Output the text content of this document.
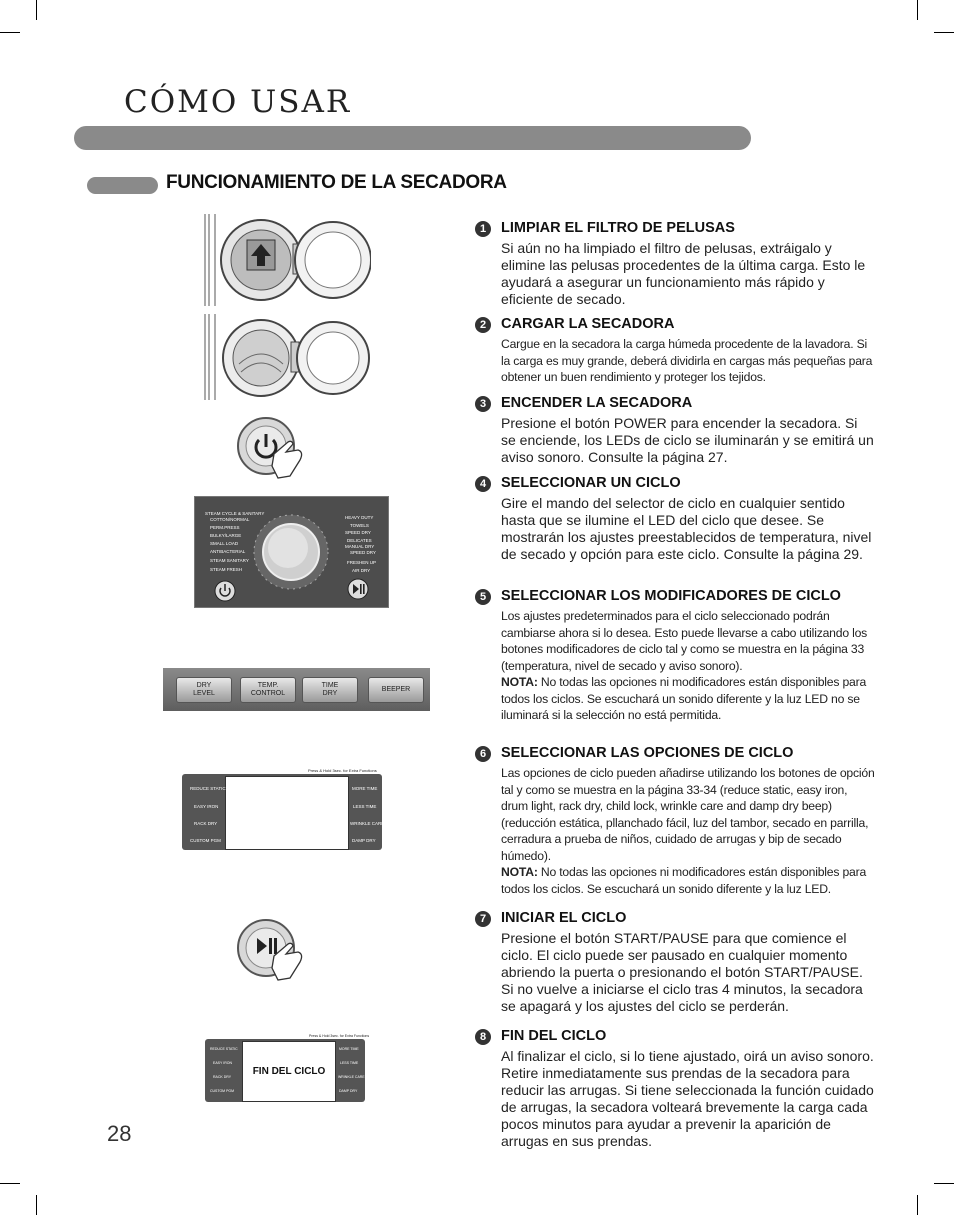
CÓMO USAR
FUNCIONAMIENTO DE LA SECADORA
STEAM CYCLE & SANITARY
COTTON/NORMAL
PERM.PRESS
BULKY/LARGE
SMALL LOAD
ANTIBACTERIAL
STEAM SANITARY
STEAM FRESH
HEAVY DUTY
TOWELS
SPEED DRY
DELICATES
MANUAL DRY
SPEED DRY
FRESHEN UP
AIR DRY
DRY
LEVEL
TEMP.
CONTROL
TIME
DRY
BEEPER
Press & Hold 3sec. for Extra Functions
REDUCE STATIC
EASY IRON
RACK DRY
CUSTOM PGM
MORE TIME
LESS TIME
WRINKLE CARE
DAMP DRY
Press & Hold 3sec. for Extra Functions
FIN DEL CICLO
REDUCE STATIC
EASY IRON
RACK DRY
CUSTOM PGM
MORE TIME
LESS TIME
WRINKLE CARE
DAMP DRY
1	LIMPIAR EL FILTRO DE PELUSAS

Si aún no ha limpiado el filtro de pelusas, extráigalo y elimine las pelusas procedentes de la última carga. Esto le ayudará a asegurar un funcionamiento más rápido y eficiente de secado.

2	CARGAR LA SECADORA

Cargue en la secadora la carga húmeda procedente de la lavadora. Si la carga es muy grande, deberá dividirla en cargas más pequeñas para obtener un buen rendimiento y proteger los tejidos.

3	ENCENDER LA SECADORA

Presione el botón POWER para encender la secadora. Si se enciende, los LEDs de ciclo se iluminarán y se emitirá un aviso sonoro. Consulte la página 27.

4	SELECCIONAR UN CICLO

Gire el mando del selector de ciclo en cualquier sentido hasta que se ilumine el LED del ciclo que desee. Se mostrarán los ajustes preestablecidos de temperatura, nivel de secado y opción para este ciclo. Consulte la página 29.

5	SELECCIONAR LOS MODIFICADORES DE CICLO

Los ajustes predeterminados para el ciclo seleccionado podrán cambiarse ahora si lo desea. Esto puede llevarse a cabo utilizando los botones modificadores de ciclo tal y como se muestra en la página 33 (temperatura, nivel de secado y aviso sonoro).

NOTA: No todas las opciones ni modificadores están disponibles para todos los ciclos. Se escuchará un sonido diferente y la luz LED no se iluminará si la selección no está permitida.

6	SELECCIONAR LAS OPCIONES DE CICLO

Las opciones de ciclo pueden añadirse utilizando los botones de opción tal y como se muestra en la página 33-34 (reduce static, easy iron, drum light, rack dry, child lock, wrinkle care and damp dry beep) (reducción estática, pllanchado fácil, luz del tambor, secado en parrilla, cerradura a prueba de niños, cuidado de arrugas y bip de secado húmedo).

NOTA: No todas las opciones ni modificadores están disponibles para todos los ciclos. Se escuchará un sonido diferente y la luz LED.

7	INICIAR EL CICLO

Presione el botón START/PAUSE para que comience el ciclo. El ciclo puede ser pausado en cualquier momento abriendo la puerta o presionando el botón START/PAUSE. Si no vuelve a iniciarse el ciclo tras 4 minutos, la secadora se apagará y los ajustes del ciclo se perderán.

8	FIN DEL CICLO

Al finalizar el ciclo, si lo tiene ajustado, oirá un aviso sonoro. Retire inmediatamente sus prendas de la secadora para reducir las arrugas. Si tiene seleccionada la función cuidado de arrugas, la secadora volteará brevemente la carga cada pocos minutos para ayudar a prevenir la aparición de arrugas en sus prendas.

28
